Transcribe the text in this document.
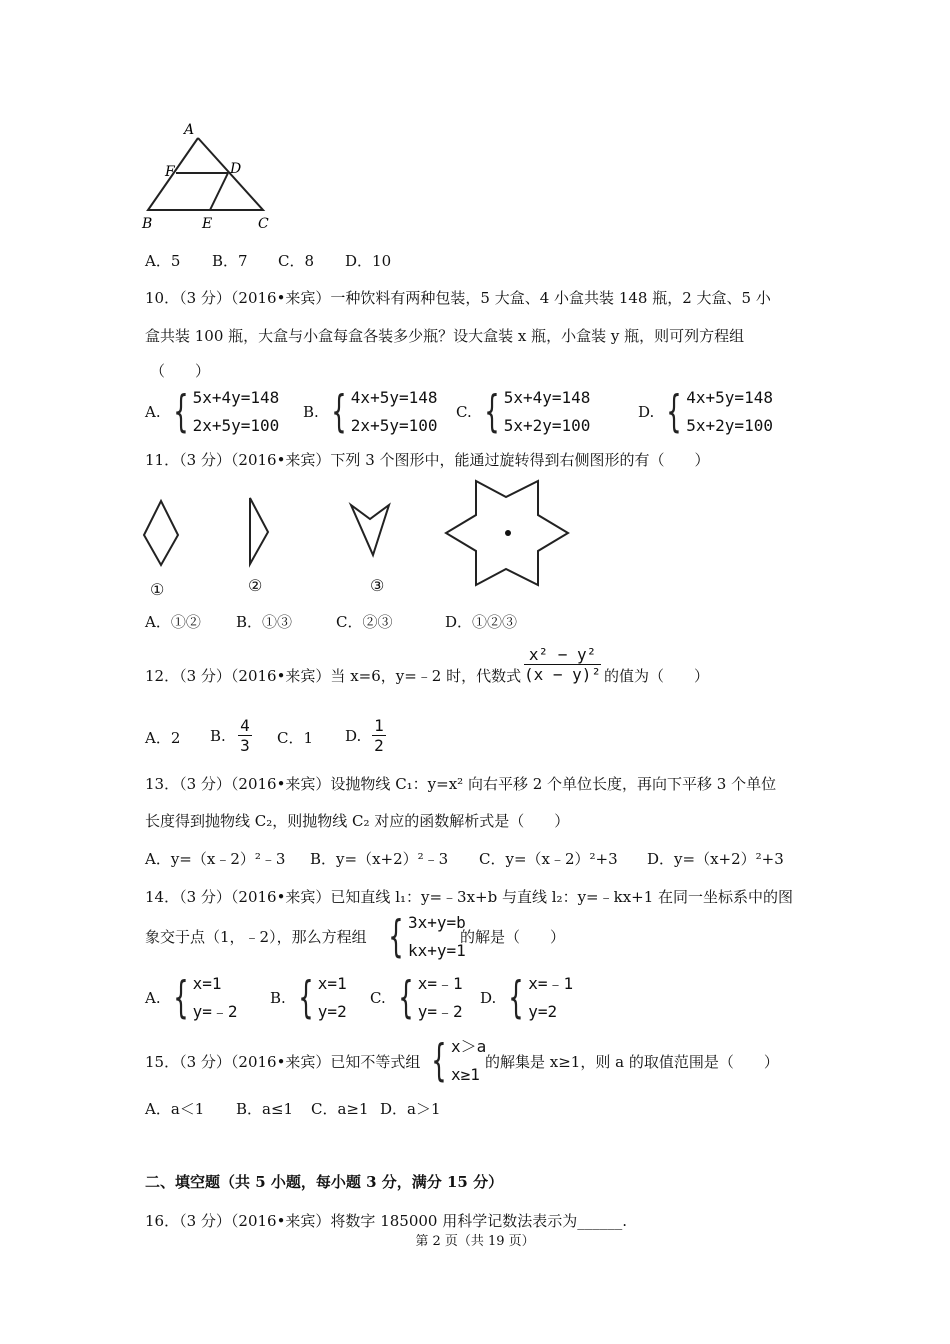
A
F	D
B	E	C
A．5 B．7 C．8 D．10
10．（3 分）（2016•来宾）一种饮料有两种包装，5 大盒、4 小盒共装 148 瓶，2 大盒、5 小
盒共装 100 瓶，大盒与小盒每盒各装多少瓶？设大盒装 x 瓶，小盒装 y 瓶，则可列方程组
（　　）
A. { 5x+4y=148
2x+5y=100
B. { 4x+5y=148
2x+5y=100
C. { 5x+4y=148
5x+2y=100
D. { 4x+5y=148
5x+2y=100
11．（3 分）（2016•来宾）下列 3 个图形中，能通过旋转得到右侧图形的有（　　）
①	②	③
A．①② B．①③	C．②③	D．①②③
12．（3 分）（2016•来宾）当 x=6，y=﹣2 时，代数式
x² − y²
(x − y)² 的值为（　　）
A．2 B.
4
3 C．1 D.
1
2
13．（3 分）（2016•来宾）设抛物线 C₁：y=x² 向右平移 2 个单位长度，再向下平移 3 个单位
长度得到抛物线 C₂，则抛物线 C₂ 对应的函数解析式是（　　）
A．y=（x﹣2）²﹣3 B．y=（x+2）²﹣3 C．y=（x﹣2）²+3 D．y=（x+2）²+3
14．（3 分）（2016•来宾）已知直线 l₁：y=﹣3x+b 与直线 l₂：y=﹣kx+1 在同一坐标系中的图
象交于点（1，﹣2），那么方程组 { 3x+y=b
kx+y=1
的解是（　　）
A. { x=1
y=﹣2
B. { x=1
y=2
C. { x=﹣1
y=﹣2
D. { x=﹣1
y=2
15．（3 分）（2016•来宾）已知不等式组 { x＞a
x≥1
的解集是 x≥1，则 a 的取值范围是（　　）
A．a＜1 B．a≤1 C．a≥1 D．a＞1
二、填空题（共 5 小题，每小题 3 分，满分 15 分）
16．（3 分）（2016•来宾）将数字 185000 用科学记数法表示为______.
第 2 页（共 19 页）
